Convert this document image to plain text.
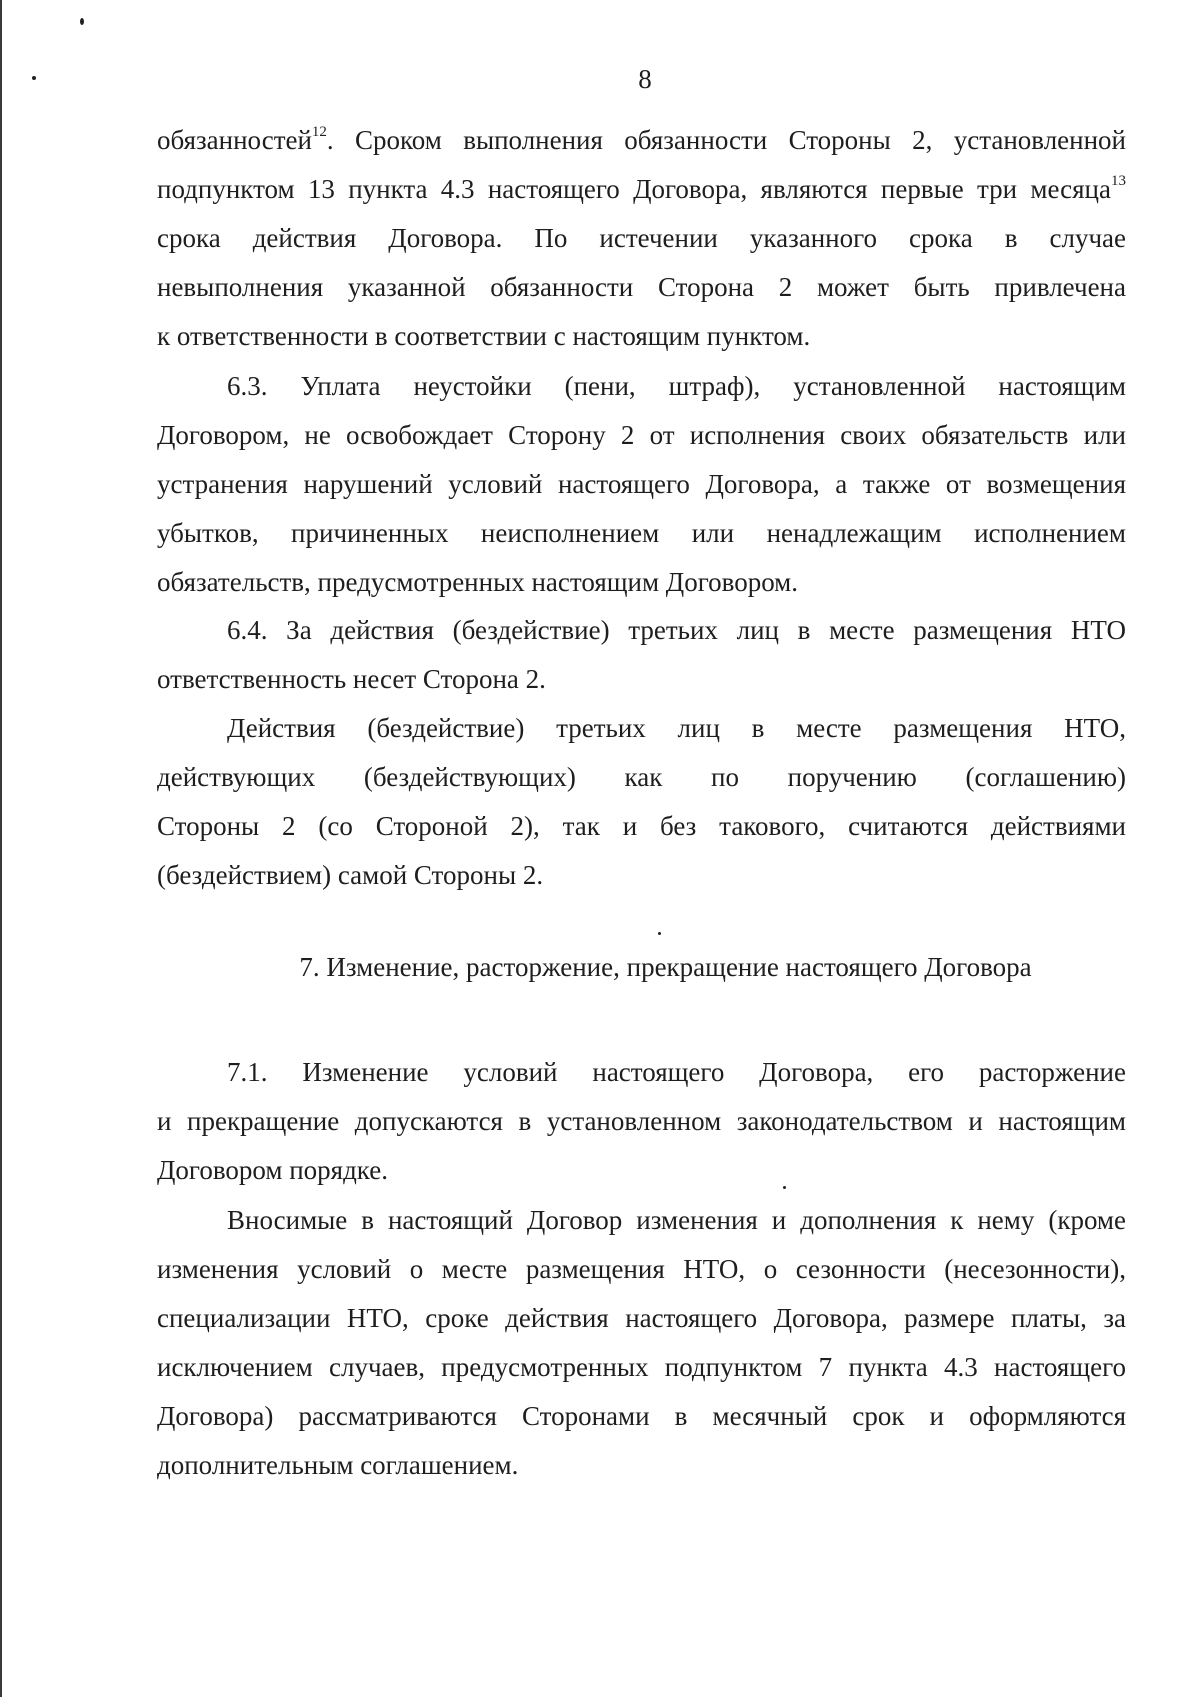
8
обязанностей$^{12}$. Сроком выполнения обязанности Стороны 2, установленной
подпунктом 13 пункта 4.3 настоящего Договора, являются первые три месяца$^{13}$
срока действия Договора. По истечении указанного срока в случае
невыполнения указанной обязанности Сторона 2 может быть привлечена
к ответственности в соответствии с настоящим пунктом.
6.3. Уплата неустойки (пени, штраф), установленной настоящим
Договором, не освобождает Сторону 2 от исполнения своих обязательств или
устранения нарушений условий настоящего Договора, а также от возмещения
убытков, причиненных неисполнением или ненадлежащим исполнением
обязательств, предусмотренных настоящим Договором.
6.4. За действия (бездействие) третьих лиц в месте размещения НТО
ответственность несет Сторона 2.
Действия (бездействие) третьих лиц в месте размещения НТО,
действующих (бездействующих) как по поручению (соглашению)
Стороны 2 (со Стороной 2), так и без такового, считаются действиями
(бездействием) самой Стороны 2.
7. Изменение, расторжение, прекращение настоящего Договора
7.1. Изменение условий настоящего Договора, его расторжение
и прекращение допускаются в установленном законодательством и настоящим
Договором порядке.
Вносимые в настоящий Договор изменения и дополнения к нему (кроме
изменения условий о месте размещения НТО, о сезонности (несезонности),
специализации НТО, сроке действия настоящего Договора, размере платы, за
исключением случаев, предусмотренных подпунктом 7 пункта 4.3 настоящего
Договора) рассматриваются Сторонами в месячный срок и оформляются
дополнительным соглашением.
